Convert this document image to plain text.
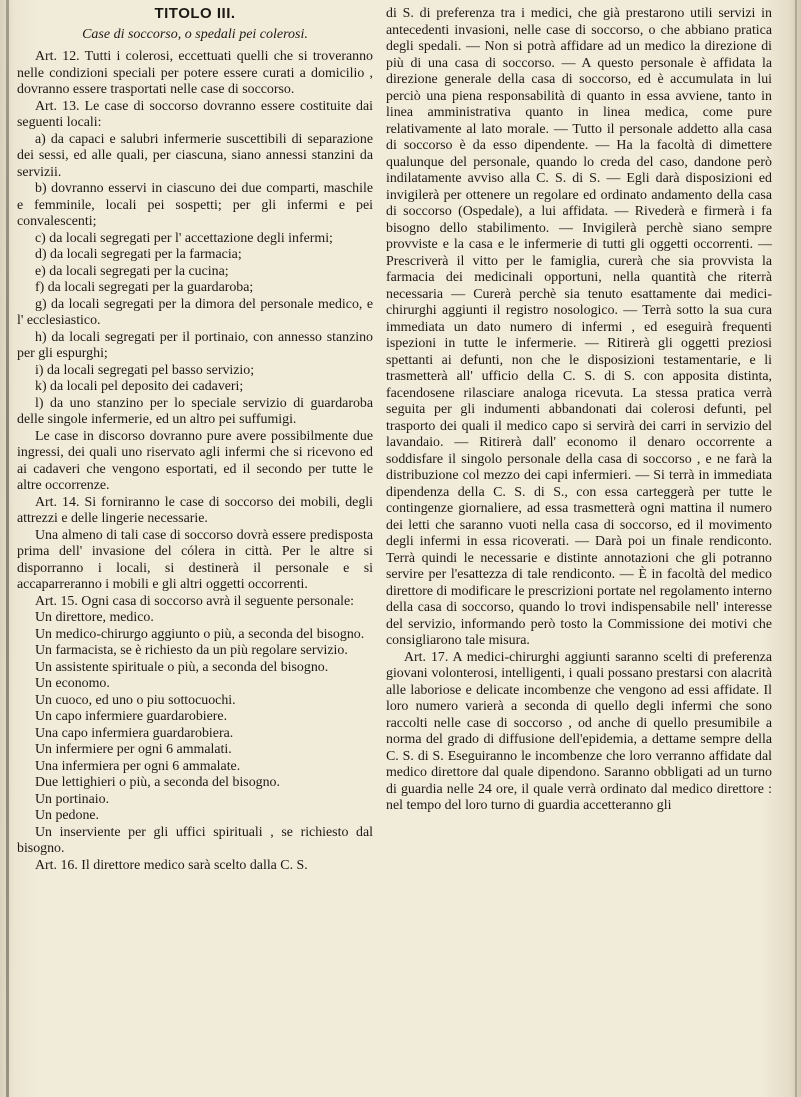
TITOLO III.
Case di soccorso, o spedali pei colerosi.

Art. 12. Tutti i colerosi, eccettuati quelli che si troveranno nelle condizioni speciali per potere essere curati a domicilio , dovranno essere trasportati nelle case di soccorso.

Art. 13. Le case di soccorso dovranno essere costituite dai seguenti locali:

a) da capaci e salubri infermerie suscettibili di separazione dei sessi, ed alle quali, per ciascuna, siano annessi stanzini da servizii.

b) dovranno esservi in ciascuno dei due comparti, maschile e femminile, locali pei sospetti; per gli infermi e pei convalescenti;

c) da locali segregati per l' accettazione degli infermi;

d) da locali segregati per la farmacia;

e) da locali segregati per la cucina;

f) da locali segregati per la guardaroba;

g) da locali segregati per la dimora del personale medico, e l' ecclesiastico.

h) da locali segregati per il portinaio, con annesso stanzino per gli espurghi;

i) da locali segregati pel basso servizio;

k) da locali pel deposito dei cadaveri;

l) da uno stanzino per lo speciale servizio di guardaroba delle singole infermerie, ed un altro pei suffumigi.

Le case in discorso dovranno pure avere possibilmente due ingressi, dei quali uno riservato agli infermi che si ricevono ed ai cadaveri che vengono esportati, ed il secondo per tutte le altre occorrenze.

Art. 14. Si forniranno le case di soccorso dei mobili, degli attrezzi e delle lingerie necessarie.

Una almeno di tali case di soccorso dovrà essere predisposta prima dell' invasione del cólera in città. Per le altre si disporranno i locali, si destinerà il personale e si accaparreranno i mobili e gli altri oggetti occorrenti.

Art. 15. Ogni casa di soccorso avrà il seguente personale:

Un direttore, medico.

Un medico-chirurgo aggiunto o più, a seconda del bisogno.

Un farmacista, se è richiesto da un più regolare servizio.

Un assistente spirituale o più, a seconda del bisogno.

Un economo.

Un cuoco, ed uno o piu sottocuochi.

Un capo infermiere guardarobiere.

Una capo infermiera guardarobiera.

Un infermiere per ogni 6 ammalati.

Una infermiera per ogni 6 ammalate.

Due lettighieri o più, a seconda del bisogno.

Un portinaio.

Un pedone.

Un inserviente per gli uffici spirituali , se richiesto dal bisogno.

Art. 16. Il direttore medico sarà scelto dalla C. S.

di S. di preferenza tra i medici, che già prestarono utili servizi in antecedenti invasioni, nelle case di soccorso, o che abbiano pratica degli spedali. — Non si potrà affidare ad un medico la direzione di più di una casa di soccorso. — A questo personale è affidata la direzione generale della casa di soccorso, ed è accumulata in lui perciò una piena responsabilità di quanto in essa avviene, tanto in linea amministrativa quanto in linea medica, come pure relativamente al lato morale. — Tutto il personale addetto alla casa di soccorso è da esso dipendente. — Ha la facoltà di dimettere qualunque del personale, quando lo creda del caso, dandone però indilatamente avviso alla C. S. di S. — Egli darà disposizioni ed invigilerà per ottenere un regolare ed ordinato andamento della casa di soccorso (Ospedale), a lui affidata. — Rivederà e firmerà i fa bisogno dello stabilimento. — Invigilerà perchè siano sempre provviste e la casa e le infermerie di tutti gli oggetti occorrenti. — Prescriverà il vitto per le famiglia, curerà che sia provvista la farmacia dei medicinali opportuni, nella quantità che riterrà necessaria — Curerà perchè sia tenuto esattamente dai medici-chirurghi aggiunti il registro nosologico. — Terrà sotto la sua cura immediata un dato numero di infermi , ed eseguirà frequenti ispezioni in tutte le infermerie. — Ritirerà gli oggetti preziosi spettanti ai defunti, non che le disposizioni testamentarie, e li trasmetterà all' ufficio della C. S. di S. con apposita distinta, facendosene rilasciare analoga ricevuta. La stessa pratica verrà seguita per gli indumenti abbandonati dai colerosi defunti, pel trasporto dei quali il medico capo si servirà dei carri in servizio del lavandaio. — Ritirerà dall' economo il denaro occorrente a soddisfare il singolo personale della casa di soccorso , e ne farà la distribuzione col mezzo dei capi infermieri. — Si terrà in immediata dipendenza della C. S. di S., con essa carteggerà per tutte le contingenze giornaliere, ad essa trasmetterà ogni mattina il numero dei letti che saranno vuoti nella casa di soccorso, ed il movimento degli infermi in essa ricoverati. — Darà poi un finale rendiconto. Terrà quindi le necessarie e distinte annotazioni che gli potranno servire per l'esattezza di tale rendiconto. — È in facoltà del medico direttore di modificare le prescrizioni portate nel regolamento interno della casa di soccorso, quando lo trovi indispensabile nell' interesse del servizio, informando però tosto la Commissione dei motivi che consigliarono tale misura.

Art. 17. A medici-chirurghi aggiunti saranno scelti di preferenza giovani volonterosi, intelligenti, i quali possano prestarsi con alacrità alle laboriose e delicate incombenze che vengono ad essi affidate. Il loro numero varierà a seconda di quello degli infermi che sono raccolti nelle case di soccorso , od anche di quello presumibile a norma del grado di diffusione dell'epidemia, a dettame sempre della C. S. di S. Eseguiranno le incombenze che loro verranno affidate dal medico direttore dal quale dipendono. Saranno obbligati ad un turno di guardia nelle 24 ore, il quale verrà ordinato dal medico direttore : nel tempo del loro turno di guardia accetteranno gli
